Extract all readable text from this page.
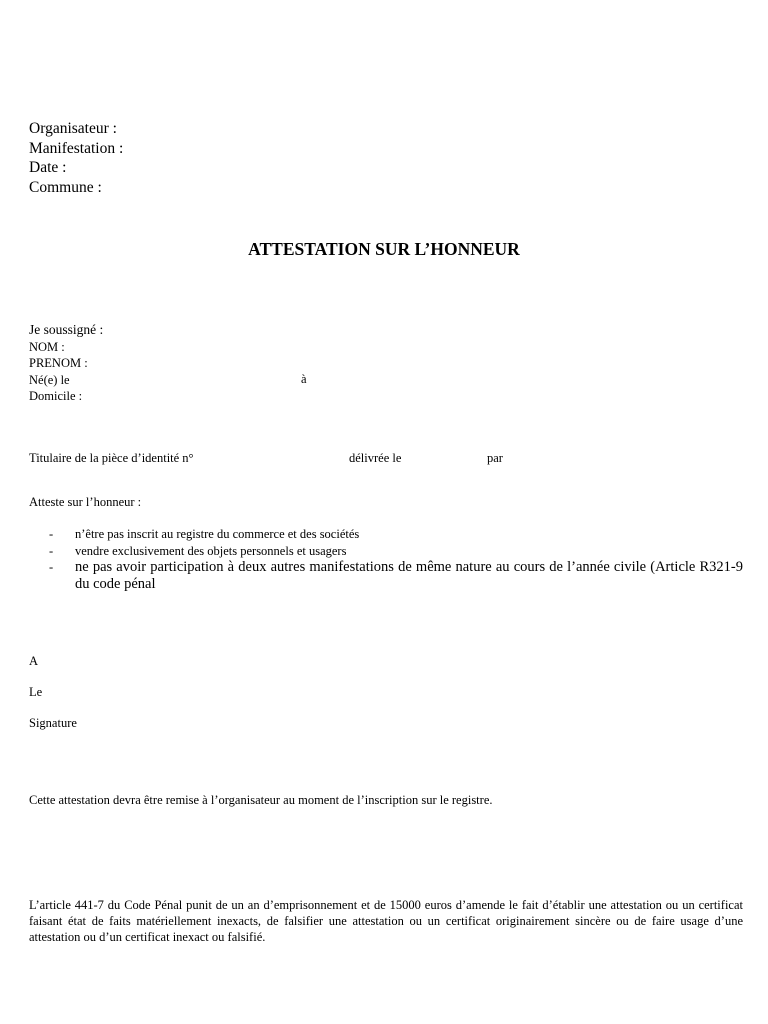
Organisateur :
Manifestation :
Date :
Commune :
ATTESTATION SUR L’HONNEUR
Je soussigné :
NOM :
PRENOM :
Né(e) le
Domicile :
à
Titulaire de la pièce d’identité n°	délivrée le	par
Atteste sur l’honneur :
- n’être pas inscrit au registre du commerce et des sociétés
- vendre exclusivement des objets personnels et usagers
- ne pas avoir participation à deux autres manifestations de même nature au cours de l’année civile (Article R321-9 du code pénal
A
Le
Signature
Cette attestation devra être remise à l’organisateur au moment de l’inscription sur le registre.
L’article 441-7 du Code Pénal punit de un an d’emprisonnement et de 15000 euros d’amende le fait d’établir une attestation ou un certificat faisant état de faits matériellement inexacts, de falsifier une attestation ou un certificat originairement sincère ou de faire usage d’une attestation ou d’un certificat inexact ou falsifié.
